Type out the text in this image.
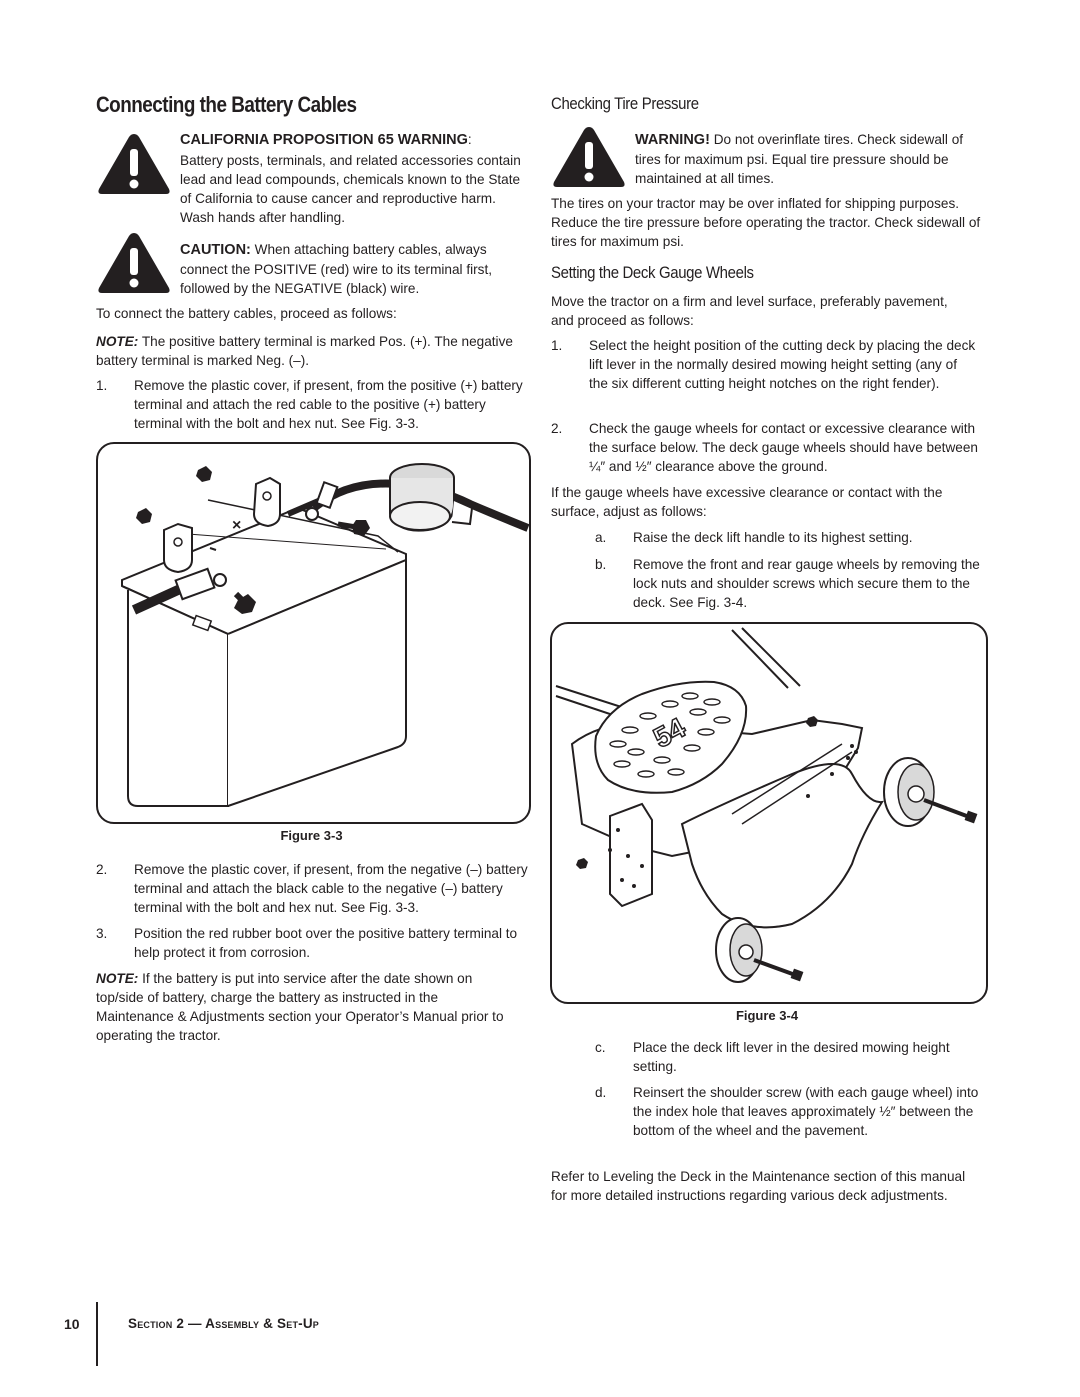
Connecting the Battery Cables
CALIFORNIA PROPOSITION 65 WARNING:
Battery posts, terminals, and related accessories contain lead and lead compounds, chemicals known to the State of California to cause cancer and reproductive harm. Wash hands after handling.
CAUTION: When attaching battery cables, always connect the POSITIVE (red) wire to its terminal first, followed by the NEGATIVE (black) wire.
To connect the battery cables, proceed as follows:
NOTE: The positive battery terminal is marked Pos. (+). The negative battery terminal is marked Neg. (–).
1. Remove the plastic cover, if present, from the positive (+) battery terminal and attach the red cable to the positive (+) battery terminal with the bolt and hex nut. See Fig. 3-3.
×
Figure 3-3
2. Remove the plastic cover, if present, from the negative (–) battery terminal and attach the black cable to the negative (–) battery terminal with the bolt and hex nut. See Fig. 3-3.
3. Position the red rubber boot over the positive battery terminal to help protect it from corrosion.
NOTE: If the battery is put into service after the date shown on top/side of battery, charge the battery as instructed in the Maintenance & Adjustments section your Operator’s Manual prior to operating the tractor.
Checking Tire Pressure
WARNING! Do not overinflate tires. Check sidewall of tires for maximum psi. Equal tire pressure should be maintained at all times.
The tires on your tractor may be over inflated for shipping purposes. Reduce the tire pressure before operating the tractor. Check sidewall of tires for maximum psi.
Setting the Deck Gauge Wheels
Move the tractor on a firm and level surface, preferably pavement, and proceed as follows:
1. Select the height position of the cutting deck by placing the deck lift lever in the normally desired mowing height setting (any of the six different cutting height notches on the right fender).
2. Check the gauge wheels for contact or excessive clearance with the surface below. The deck gauge wheels should have between ¼″ and ½″ clearance above the ground.
If the gauge wheels have excessive clearance or contact with the surface, adjust as follows:
a. Raise the deck lift handle to its highest setting.
b. Remove the front and rear gauge wheels by removing the lock nuts and shoulder screws which secure them to the deck. See Fig. 3-4.
54
Figure 3-4
c. Place the deck lift lever in the desired mowing height setting.
d. Reinsert the shoulder screw (with each gauge wheel) into the index hole that leaves approximately ½″ between the bottom of the wheel and the pavement.
Refer to Leveling the Deck in the Maintenance section of this manual for more detailed instructions regarding various deck adjustments.
10	Section 2 — Assembly & Set-Up
